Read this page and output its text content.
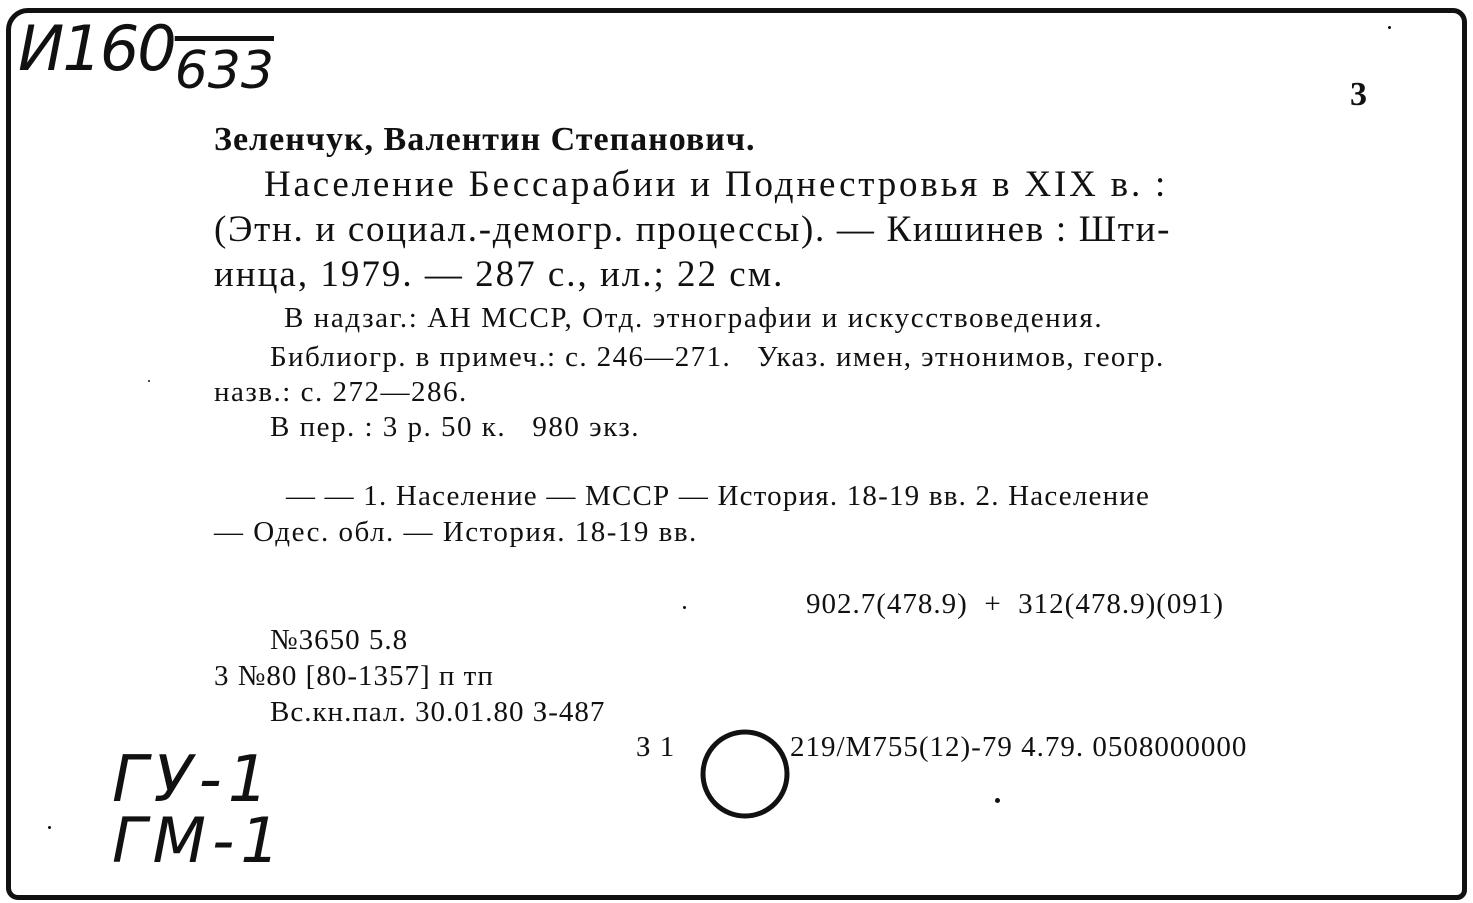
И160633	3
Зеленчук, Валентин Степанович.
Население Бессарабии и Поднестровья в XIX в. :
(Этн. и социал.-демогр. процессы). — Кишинев : Шти-
инца, 1979. — 287 с., ил.; 22 см.
В надзаг.: АН МССР, Отд. этнографии и искусствоведения.
Библиогр. в примеч.: с. 246—271.   Указ. имен, этнонимов, геогр.
назв.: с. 272—286.
В пер. : 3 р. 50 к.   980 экз.
— — 1. Население — МССР — История. 18-19 вв. 2. Население
— Одес. обл. — История. 18-19 вв.
902.7(478.9)  +  312(478.9)(091)
№3650 5.8
3 №80 [80-1357] п тп
Вс.кн.пал. 30.01.80 З-487
З 1	219/М755(12)-79 4.79. 0508000000
ГУ-1
ГМ-1
